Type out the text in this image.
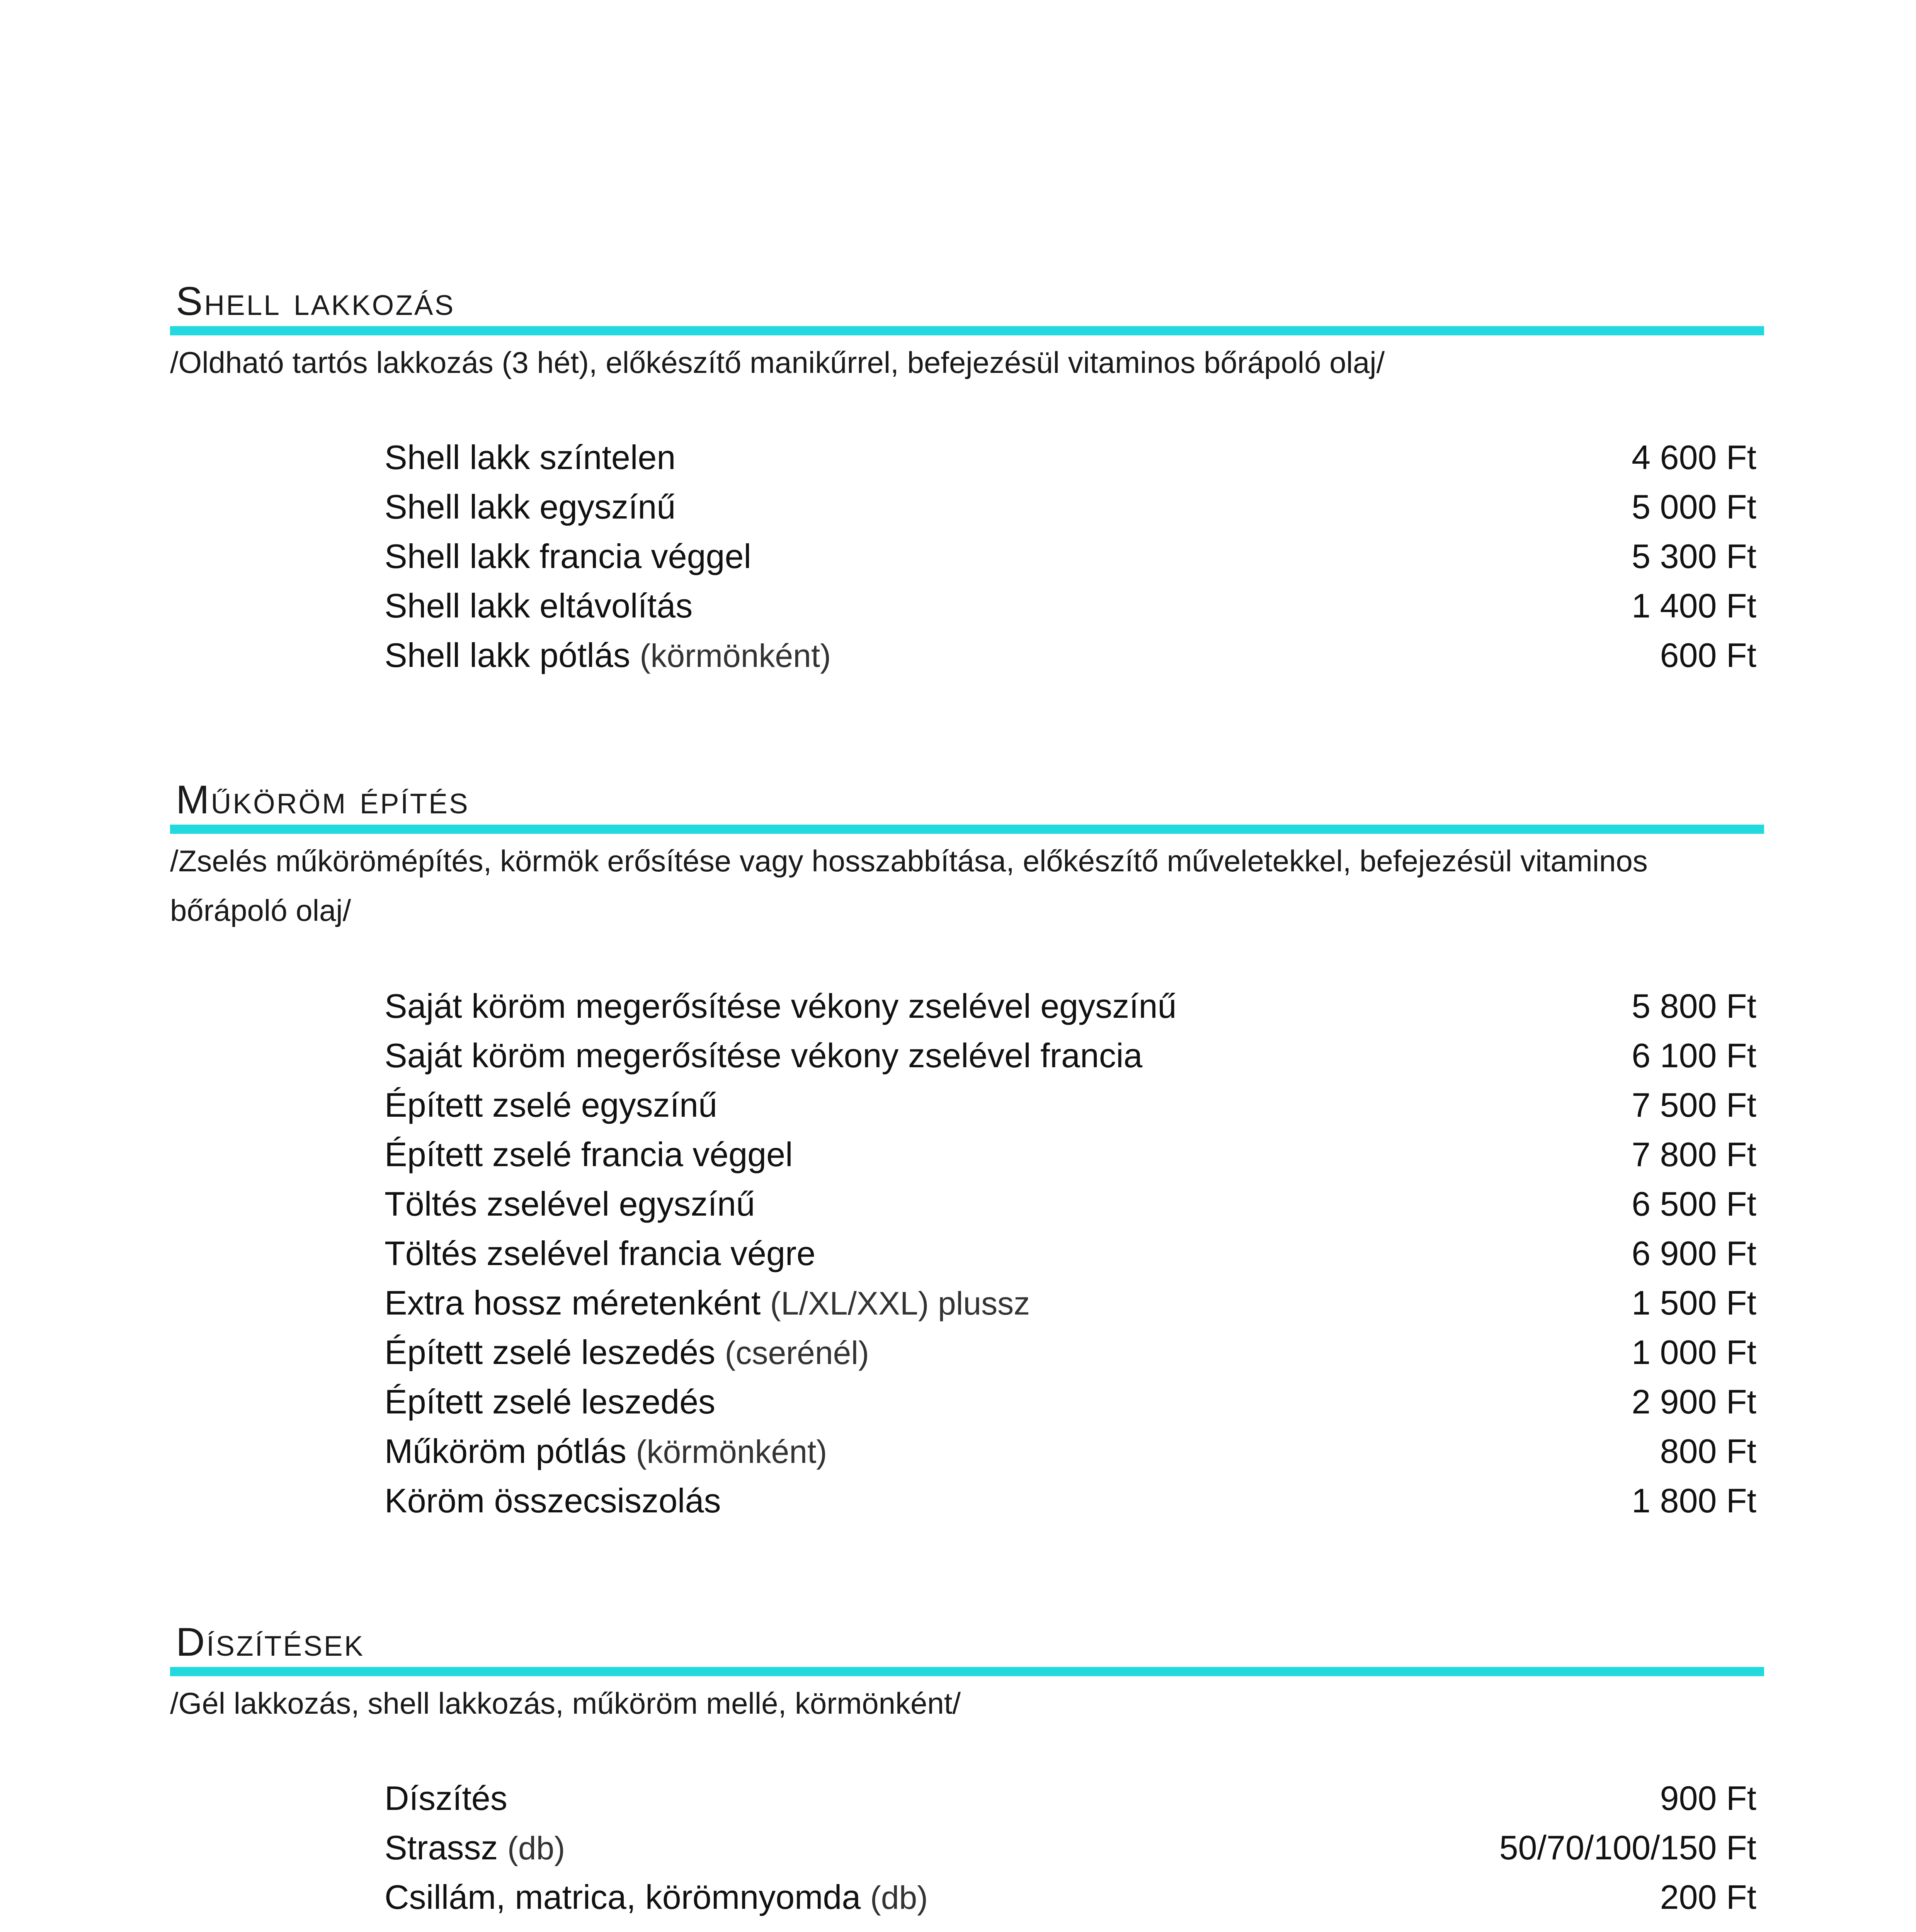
Shell lakkozás
/Oldható tartós lakkozás (3 hét), előkészítő manikűrrel, befejezésül vitaminos bőrápoló olaj/
Shell lakk színtelen	4 600 Ft
Shell lakk egyszínű	5 000 Ft
Shell lakk francia véggel	5 300 Ft
Shell lakk eltávolítás	1 400 Ft
Shell lakk pótlás (körmönként)	600 Ft
Műköröm építés
/Zselés műkörömépítés, körmök erősítése vagy hosszabbítása, előkészítő műveletekkel, befejezésül vitaminos bőrápoló olaj/
Saját köröm megerősítése vékony zselével egyszínű	5 800 Ft
Saját köröm megerősítése vékony zselével francia	6 100 Ft
Épített zselé egyszínű	7 500 Ft
Épített zselé francia véggel	7 800 Ft
Töltés zselével egyszínű	6 500 Ft
Töltés zselével francia végre	6 900 Ft
Extra hossz méretenként (L/XL/XXL) plussz	1 500 Ft
Épített zselé leszedés (cserénél)	1 000 Ft
Épített zselé leszedés	2 900 Ft
Műköröm pótlás (körmönként)	800 Ft
Köröm összecsiszolás	1 800 Ft
Díszítések
/Gél lakkozás, shell lakkozás, műköröm mellé, körmönként/
Díszítés	900 Ft
Strassz (db)	50/70/100/150 Ft
Csillám, matrica, körömnyomda (db)	200 Ft
